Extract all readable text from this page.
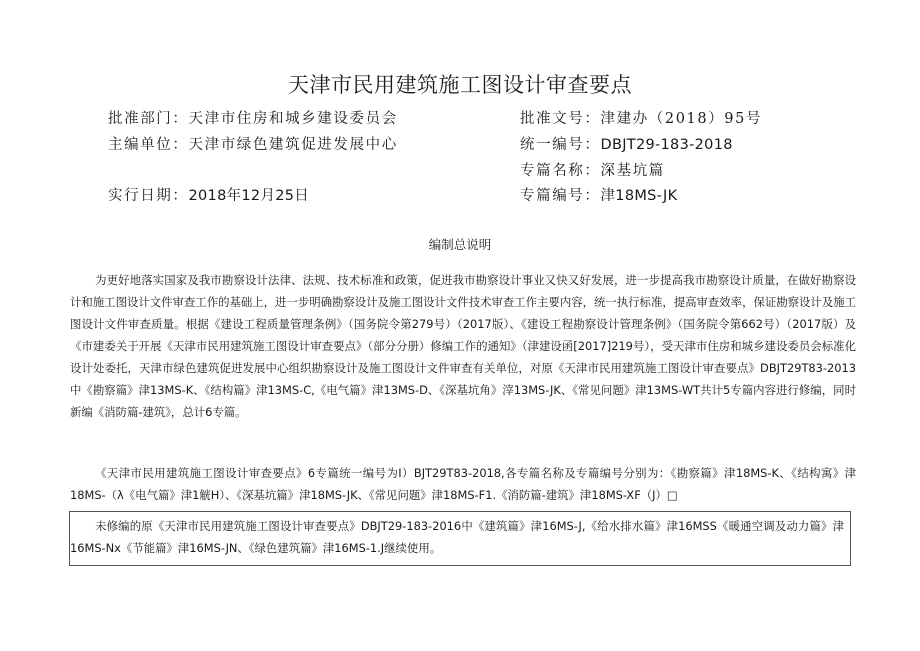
天津市民用建筑施工图设计审查要点
批准部门：天津市住房和城乡建设委员会	批准文号：津建办（2018）95号
主编单位：天津市绿色建筑促进发展中心	统一编号：DBJT29-183-2018
专篇名称：深基坑篇
实行日期：2018年12月25日	专篇编号：津18MS-JK
编制总说明

为更好地落实国家及我市勘察设计法律、法规、技术标准和政策，促进我市勘察设计事业又快又好发展，进一步提高我市勘察设计质量，在做好勘察设计和施工图设计文件审查工作的基础上，进一步明确勘察设计及施工图设计文件技术审查工作主要内容，统一执行标准，提高审查效率，保证勘察设计及施工图设计文件审查质量。根据《建设工程质量管理条例》（国务院令第279号）（2017版）、《建设工程勘察设计管理条例》（国务院令第662号）（2017版）及《市建委关于开展《天津市民用建筑施工图设计审查要点》（部分分册）修编工作的通知》（津建设函[2017]219号），受天津市住房和城乡建设委员会标准化设计处委托，天津市绿色建筑促进发展中心组织勘察设计及施工图设计文件审查有关单位，对原《天津市民用建筑施工图设计审查要点》DBJT29T83-2013中《勘察篇》津13MS-K、《结构篇》津13MS-C,《电气篇》津13MS-D、《深基坑角》滓13MS-JK、《常见问题》津13MS-WT共计5专篇内容进行修编，同时新编《消防篇-建筑》，总计6专篇。

《天津市民用建筑施工图设计审查要点》6专篇统一编号为I）BJT29T83-2018,各专篇名称及专篇编号分别为：《勘察篇》津18MS-K、《结构寓》津18MS-（λ《电气篇》津1觥H）、《深基坑篇》津18MS-JK、《常见问题》津18MS-F1.《消防篇-建筑》津18MS-XF（J）□

未修编的原《天津市民用建筑施工图设计审查要点》DBJT29-183-2016中《建筑篇》津16MS-J,《给水排水篇》津16MSS《暖通空调及动力篇》津16MS-Nx《节能篇》津16MS-JN、《绿色建筑篇》津16MS-1.J继续使用。
